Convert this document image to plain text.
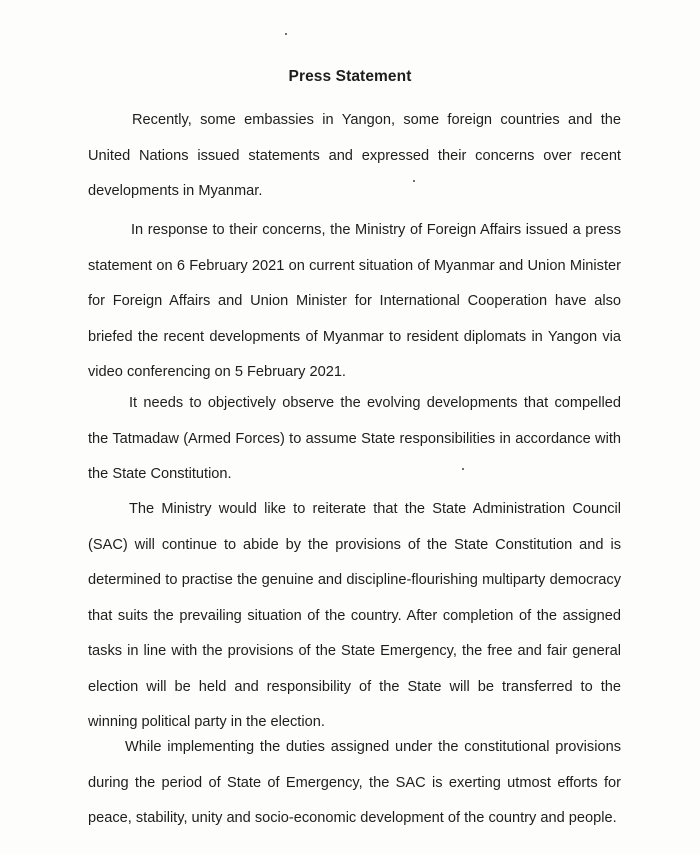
Press Statement

Recently, some embassies in Yangon, some foreign countries and the United Nations issued statements and expressed their concerns over recent developments in Myanmar.

In response to their concerns, the Ministry of Foreign Affairs issued a press statement on 6 February 2021 on current situation of Myanmar and Union Minister for Foreign Affairs and Union Minister for International Cooperation have also briefed the recent developments of Myanmar to resident diplomats in Yangon via video conferencing on 5 February 2021.

It needs to objectively observe the evolving developments that compelled the Tatmadaw (Armed Forces) to assume State responsibilities in accordance with the State Constitution.

The Ministry would like to reiterate that the State Administration Council (SAC) will continue to abide by the provisions of the State Constitution and is determined to practise the genuine and discipline-flourishing multiparty democracy that suits the prevailing situation of the country. After completion of the assigned tasks in line with the provisions of the State Emergency, the free and fair general election will be held and responsibility of the State will be transferred to the winning political party in the election.

While implementing the duties assigned under the constitutional provisions during the period of State of Emergency, the SAC is exerting utmost efforts for peace, stability, unity and socio-economic development of the country and people.
